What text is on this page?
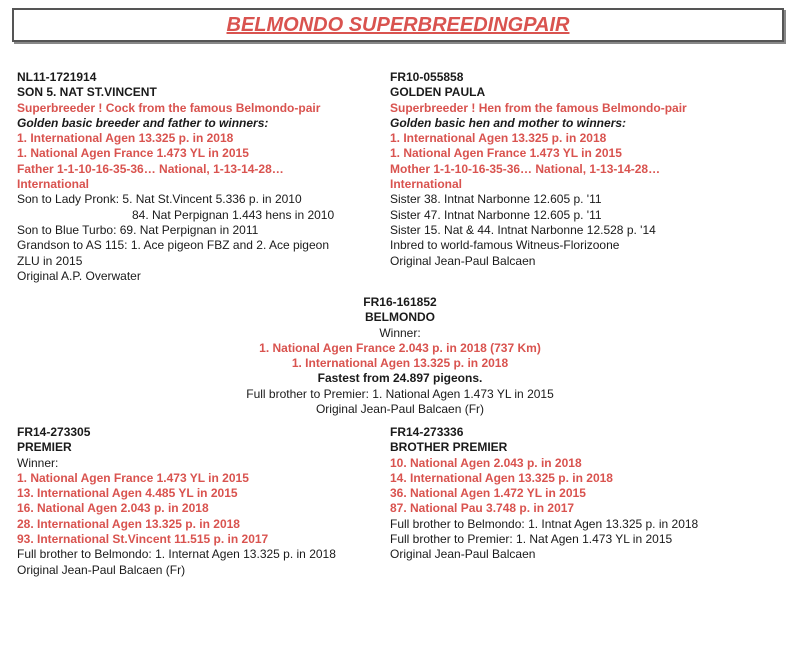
BELMONDO SUPERBREEDINGPAIR
NL11-1721914
SON 5. NAT ST.VINCENT
Superbreeder ! Cock from the famous Belmondo-pair
Golden basic breeder and father to winners:
1. International Agen 13.325 p. in 2018
1. National Agen France 1.473 YL in 2015
Father 1-1-10-16-35-36… National, 1-13-14-28…
International
Son to Lady Pronk: 5. Nat St.Vincent 5.336 p. in 2010
84. Nat Perpignan 1.443 hens in 2010
Son to Blue Turbo: 69. Nat Perpignan in 2011
Grandson to AS 115: 1. Ace pigeon FBZ and 2. Ace pigeon
ZLU in 2015
Original A.P. Overwater
FR10-055858
GOLDEN PAULA
Superbreeder ! Hen from the famous Belmondo-pair
Golden basic hen and mother to winners:
1. International Agen 13.325 p. in 2018
1. National Agen France 1.473 YL in 2015
Mother 1-1-10-16-35-36… National, 1-13-14-28…
International
Sister 38. Intnat Narbonne 12.605 p. '11
Sister 47. Intnat Narbonne 12.605 p. '11
Sister 15. Nat & 44. Intnat Narbonne 12.528 p. '14
Inbred to world-famous Witneus-Florizoone
Original Jean-Paul Balcaen
FR16-161852
BELMONDO
Winner:
1. National Agen France 2.043 p. in 2018 (737 Km)
1. International Agen 13.325 p. in 2018
Fastest from 24.897 pigeons.
Full brother to Premier: 1. National Agen 1.473 YL in 2015
Original Jean-Paul Balcaen (Fr)
FR14-273305
PREMIER
Winner:
1. National Agen France 1.473 YL in 2015
13. International Agen 4.485 YL in 2015
16. National Agen 2.043 p. in 2018
28. International Agen 13.325 p. in 2018
93. International St.Vincent 11.515 p. in 2017
Full brother to Belmondo: 1. Internat Agen 13.325 p. in 2018
Original Jean-Paul Balcaen (Fr)
FR14-273336
BROTHER PREMIER
10. National Agen 2.043 p. in 2018
14. International Agen 13.325 p. in 2018
36. National Agen 1.472 YL in 2015
87. National Pau 3.748 p. in 2017
Full brother to Belmondo: 1. Intnat Agen 13.325 p. in 2018
Full brother to Premier: 1. Nat Agen 1.473 YL in 2015
Original Jean-Paul Balcaen
